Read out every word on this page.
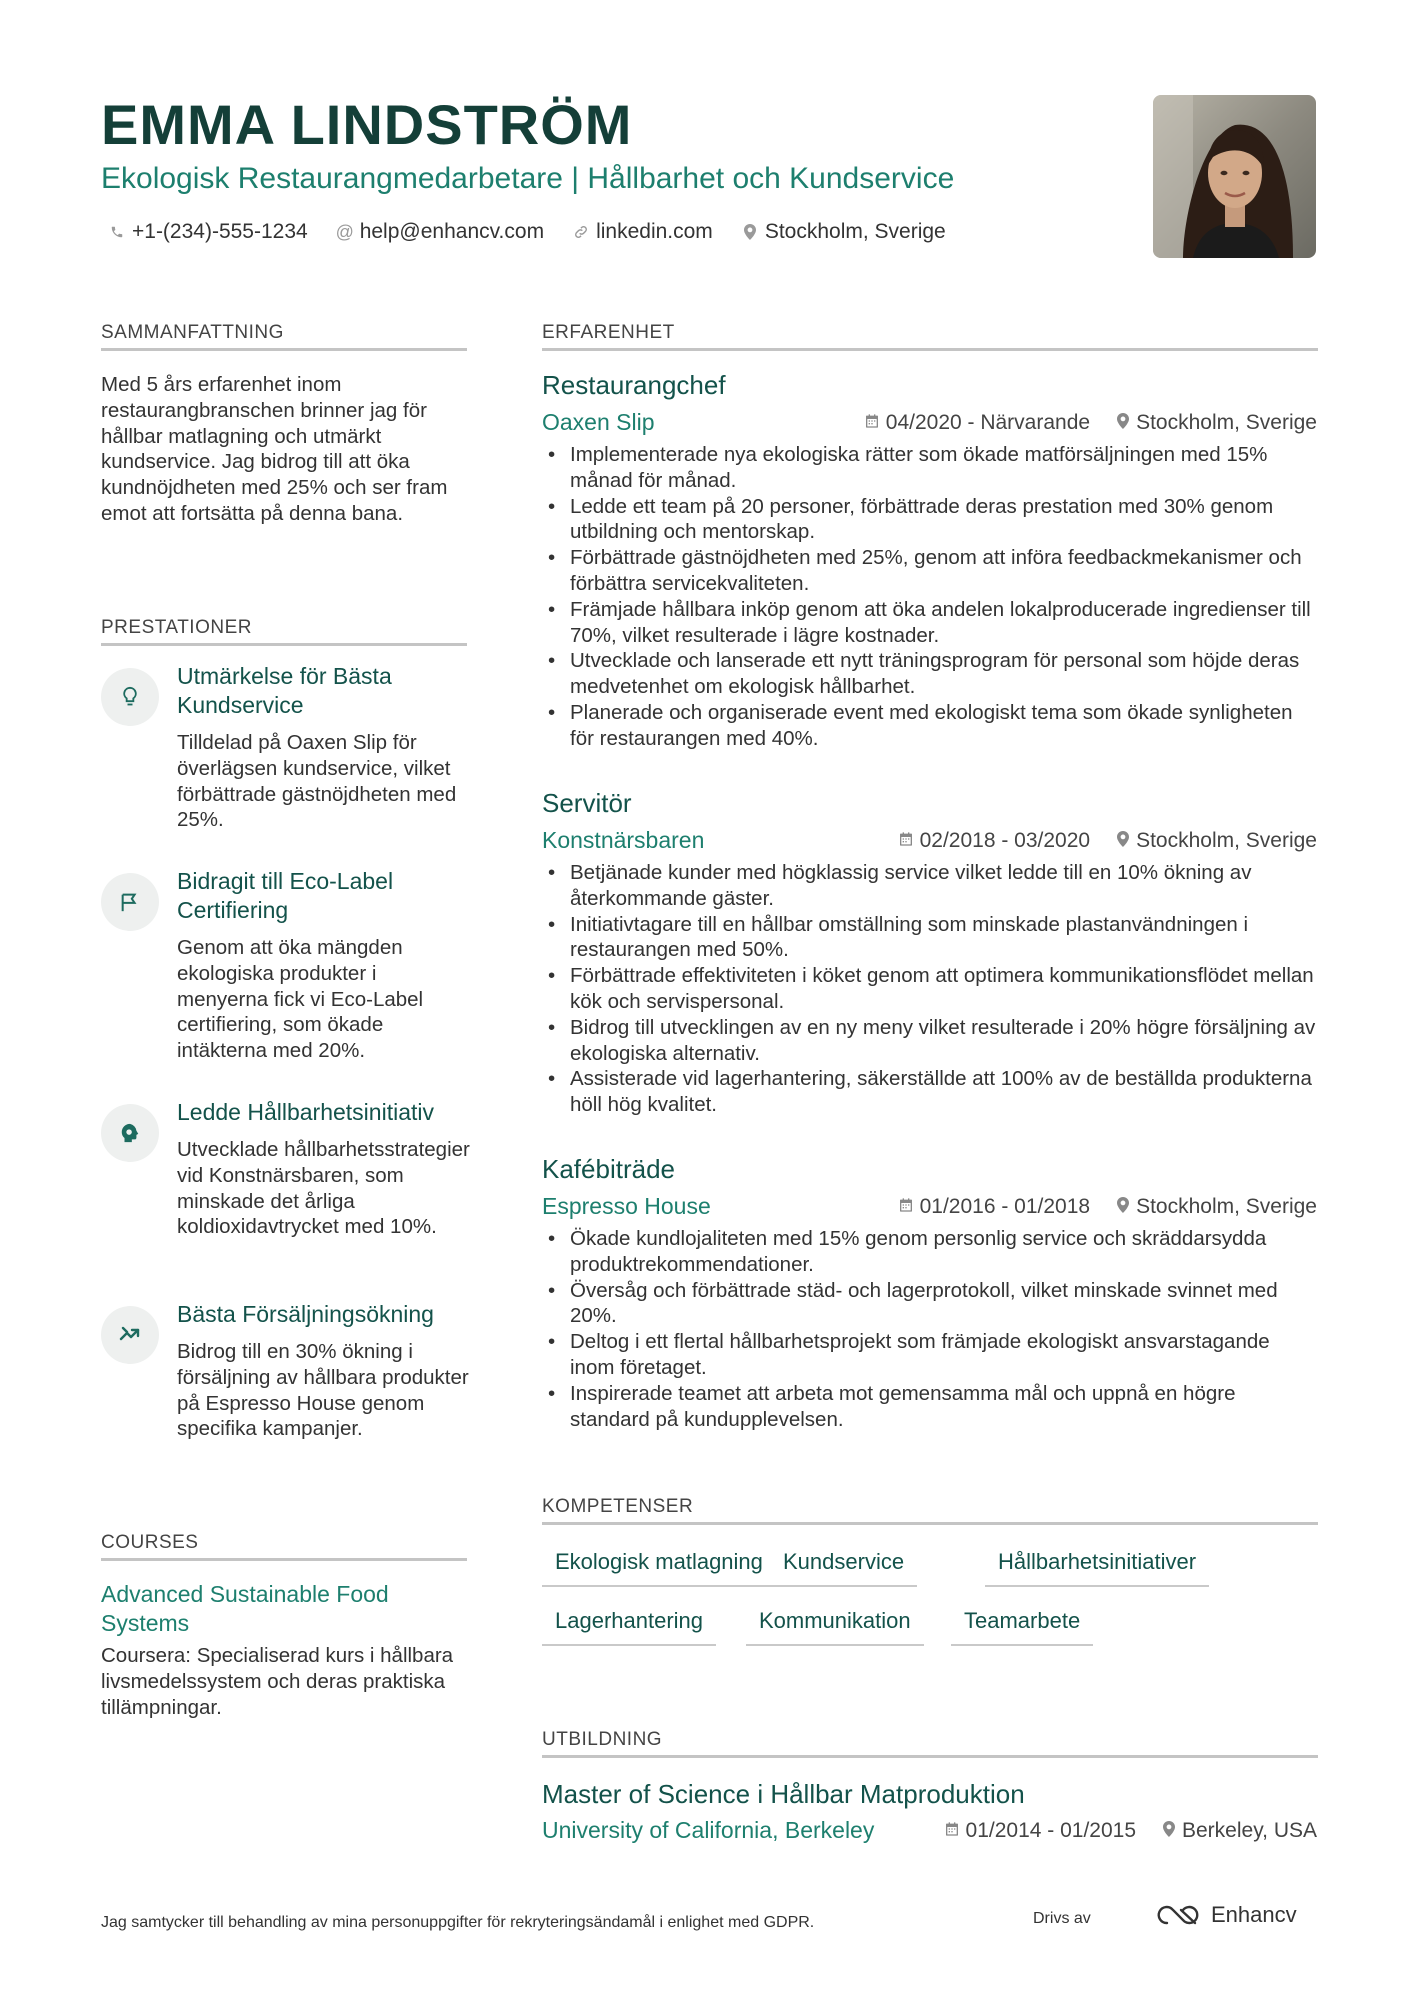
EMMA LINDSTRÖM
Ekologisk Restaurangmedarbetare | Hållbarhet och Kundservice
+1-(234)-555-1234 @ help@enhancv.com linkedin.com Stockholm, Sverige
SAMMANFATTNING
Med 5 års erfarenhet inom restaurangbranschen brinner jag för hållbar matlagning och utmärkt kundservice. Jag bidrog till att öka kundnöjdheten med 25% och ser fram emot att fortsätta på denna bana.
PRESTATIONER
Utmärkelse för Bästa Kundservice
Tilldelad på Oaxen Slip för överlägsen kundservice, vilket förbättrade gästnöjdheten med 25%.
Bidragit till Eco-Label Certifiering
Genom att öka mängden ekologiska produkter i menyerna fick vi Eco-Label certifiering, som ökade intäkterna med 20%.
Ledde Hållbarhetsinitiativ
Utvecklade hållbarhetsstrategier vid Konstnärsbaren, som minskade det årliga koldioxidavtrycket med 10%.
Bästa Försäljningsökning
Bidrog till en 30% ökning i försäljning av hållbara produkter på Espresso House genom specifika kampanjer.
COURSES
Advanced Sustainable Food Systems
Coursera: Specialiserad kurs i hållbara livsmedelssystem och deras praktiska tillämpningar.
ERFARENHET
Restaurangchef
Oaxen Slip	04/2020 - Närvarande Stockholm, Sverige
• Implementerade nya ekologiska rätter som ökade matförsäljningen med 15% månad för månad.
• Ledde ett team på 20 personer, förbättrade deras prestation med 30% genom utbildning och mentorskap.
• Förbättrade gästnöjdheten med 25%, genom att införa feedbackmekanismer och förbättra servicekvaliteten.
• Främjade hållbara inköp genom att öka andelen lokalproducerade ingredienser till 70%, vilket resulterade i lägre kostnader.
• Utvecklade och lanserade ett nytt träningsprogram för personal som höjde deras medvetenhet om ekologisk hållbarhet.
• Planerade och organiserade event med ekologiskt tema som ökade synligheten för restaurangen med 40%.
Servitör
Konstnärsbaren	02/2018 - 03/2020 Stockholm, Sverige
• Betjänade kunder med högklassig service vilket ledde till en 10% ökning av återkommande gäster.
• Initiativtagare till en hållbar omställning som minskade plastanvändningen i restaurangen med 50%.
• Förbättrade effektiviteten i köket genom att optimera kommunikationsflödet mellan kök och servispersonal.
• Bidrog till utvecklingen av en ny meny vilket resulterade i 20% högre försäljning av ekologiska alternativ.
• Assisterade vid lagerhantering, säkerställde att 100% av de beställda produkterna höll hög kvalitet.
Kafébiträde
Espresso House	01/2016 - 01/2018 Stockholm, Sverige
• Ökade kundlojaliteten med 15% genom personlig service och skräddarsydda produktrekommendationer.
• Översåg och förbättrade städ- och lagerprotokoll, vilket minskade svinnet med 20%.
• Deltog i ett flertal hållbarhetsprojekt som främjade ekologiskt ansvarstagande inom företaget.
• Inspirerade teamet att arbeta mot gemensamma mål och uppnå en högre standard på kundupplevelsen.
KOMPETENSER
Ekologisk matlagning Kundservice	Hållbarhetsinitiativer
Lagerhantering	Kommunikation	Teamarbete
UTBILDNING
Master of Science i Hållbar Matproduktion
University of California, Berkeley	01/2014 - 01/2015 Berkeley, USA
Jag samtycker till behandling av mina personuppgifter för rekryteringsändamål i enlighet med GDPR.	Drivs av	Enhancv
